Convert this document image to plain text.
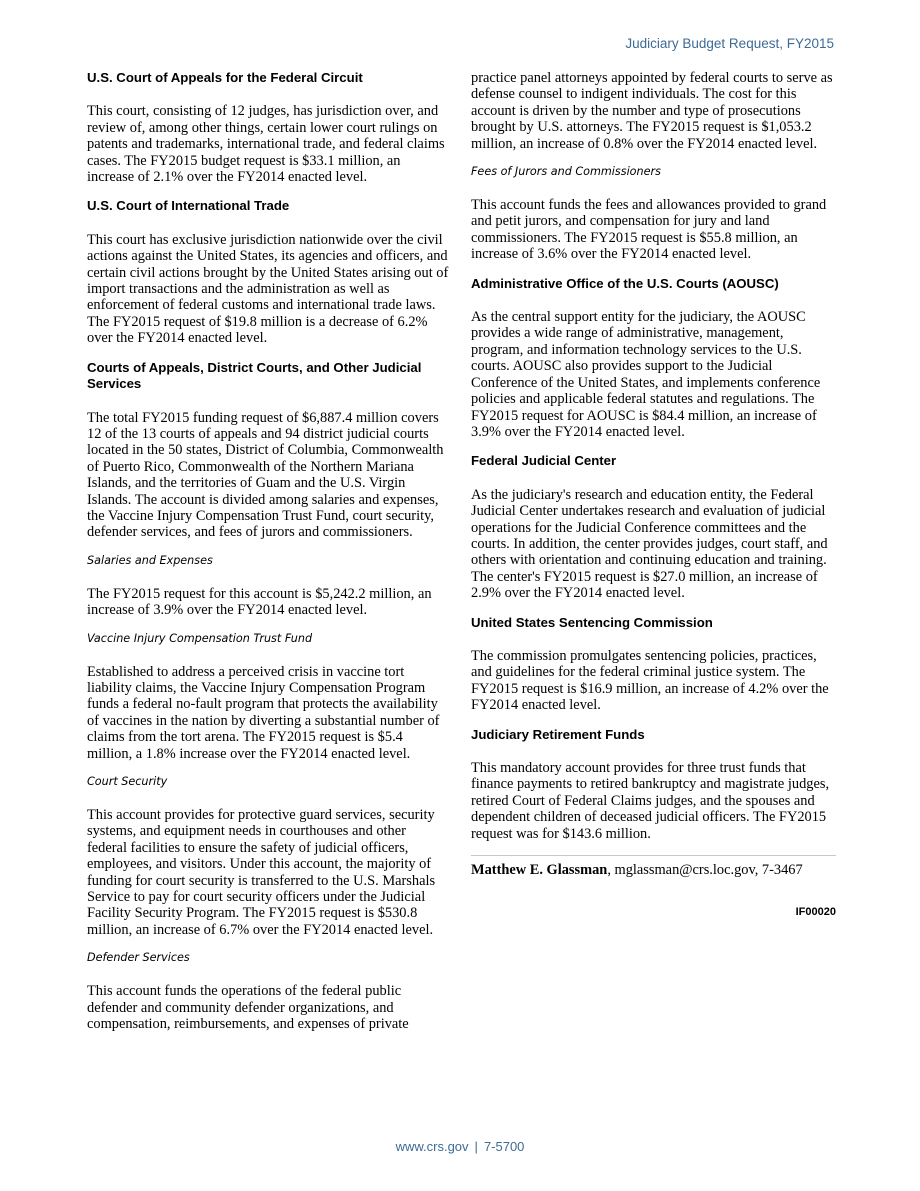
Judiciary Budget Request, FY2015
U.S. Court of Appeals for the Federal Circuit

This court, consisting of 12 judges, has jurisdiction over, and review of, among other things, certain lower court rulings on patents and trademarks, international trade, and federal claims cases. The FY2015 budget request is $33.1 million, an increase of 2.1% over the FY2014 enacted level.

U.S. Court of International Trade

This court has exclusive jurisdiction nationwide over the civil actions against the United States, its agencies and officers, and certain civil actions brought by the United States arising out of import transactions and the administration as well as enforcement of federal customs and international trade laws. The FY2015 request of $19.8 million is a decrease of 6.2% over the FY2014 enacted level.

Courts of Appeals, District Courts, and Other Judicial Services

The total FY2015 funding request of $6,887.4 million covers 12 of the 13 courts of appeals and 94 district judicial courts located in the 50 states, District of Columbia, Commonwealth of Puerto Rico, Commonwealth of the Northern Mariana Islands, and the territories of Guam and the U.S. Virgin Islands. The account is divided among salaries and expenses, the Vaccine Injury Compensation Trust Fund, court security, defender services, and fees of jurors and commissioners.

Salaries and Expenses

The FY2015 request for this account is $5,242.2 million, an increase of 3.9% over the FY2014 enacted level.

Vaccine Injury Compensation Trust Fund

Established to address a perceived crisis in vaccine tort liability claims, the Vaccine Injury Compensation Program funds a federal no-fault program that protects the availability of vaccines in the nation by diverting a substantial number of claims from the tort arena. The FY2015 request is $5.4 million, a 1.8% increase over the FY2014 enacted level.

Court Security

This account provides for protective guard services, security systems, and equipment needs in courthouses and other federal facilities to ensure the safety of judicial officers, employees, and visitors. Under this account, the majority of funding for court security is transferred to the U.S. Marshals Service to pay for court security officers under the Judicial Facility Security Program. The FY2015 request is $530.8 million, an increase of 6.7% over the FY2014 enacted level.

Defender Services

This account funds the operations of the federal public defender and community defender organizations, and compensation, reimbursements, and expenses of private

practice panel attorneys appointed by federal courts to serve as defense counsel to indigent individuals. The cost for this account is driven by the number and type of prosecutions brought by U.S. attorneys. The FY2015 request is $1,053.2 million, an increase of 0.8% over the FY2014 enacted level.

Fees of Jurors and Commissioners

This account funds the fees and allowances provided to grand and petit jurors, and compensation for jury and land commissioners. The FY2015 request is $55.8 million, an increase of 3.6% over the FY2014 enacted level.

Administrative Office of the U.S. Courts (AOUSC)

As the central support entity for the judiciary, the AOUSC provides a wide range of administrative, management, program, and information technology services to the U.S. courts. AOUSC also provides support to the Judicial Conference of the United States, and implements conference policies and applicable federal statutes and regulations. The FY2015 request for AOUSC is $84.4 million, an increase of 3.9% over the FY2014 enacted level.

Federal Judicial Center

As the judiciary's research and education entity, the Federal Judicial Center undertakes research and evaluation of judicial operations for the Judicial Conference committees and the courts. In addition, the center provides judges, court staff, and others with orientation and continuing education and training. The center's FY2015 request is $27.0 million, an increase of 2.9% over the FY2014 enacted level.

United States Sentencing Commission

The commission promulgates sentencing policies, practices, and guidelines for the federal criminal justice system. The FY2015 request is $16.9 million, an increase of 4.2% over the FY2014 enacted level.

Judiciary Retirement Funds

This mandatory account provides for three trust funds that finance payments to retired bankruptcy and magistrate judges, retired Court of Federal Claims judges, and the spouses and dependent children of deceased judicial officers. The FY2015 request was for $143.6 million.

Matthew E. Glassman, mglassman@crs.loc.gov, 7-3467

IF00020
www.crs.gov | 7-5700
